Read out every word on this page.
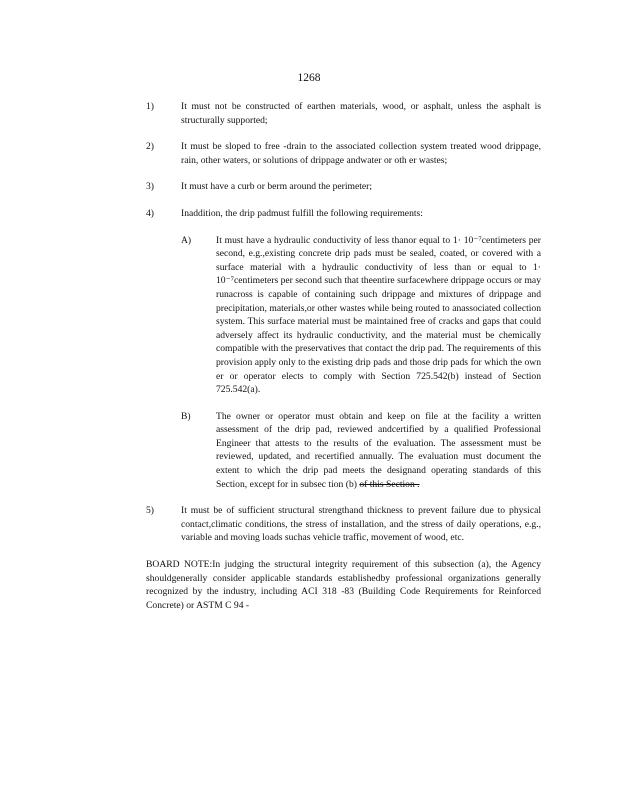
1268
1)	It must not be constructed of earthen materials, wood, or asphalt, unless the asphalt is structurally supported;
2)	It must be sloped to free -drain to the associated collection system treated wood drippage, rain, other waters, or solutions of drippage andwater or oth er wastes;
3)	It must have a curb or berm around the perimeter;
4)	Inaddition, the drip padmust fulfill the following requirements:
A)	It must have a hydraulic conductivity of less thanor equal to 1· 10⁻⁷centimeters per second, e.g.,existing concrete drip pads must be sealed, coated, or covered with a surface material with a hydraulic conductivity of less than or equal to 1· 10⁻⁷centimeters per second such that theentire surfacewhere drippage occurs or may runacross is capable of containing such drippage and mixtures of drippage and precipitation, materials,or other wastes while being routed to anassociated collection system. This surface material must be maintained free of cracks and gaps that could adversely affect its hydraulic conductivity, and the material must be chemically compatible with the preservatives that contact the drip pad. The requirements of this provision apply only to the existing drip pads and those drip pads for which the own er or operator elects to comply with Section 725.542(b) instead of Section 725.542(a).
B)	The owner or operator must obtain and keep on file at the facility a written assessment of the drip pad, reviewed andcertified by a qualified Professional Engineer that attests to the results of the evaluation. The assessment must be reviewed, updated, and recertified annually. The evaluation must document the extent to which the drip pad meets the designand operating standards of this Section, except for in subsec tion (b) of this Section .
5)	It must be of sufficient structural strengthand thickness to prevent failure due to physical contact,climatic conditions, the stress of installation, and the stress of daily operations, e.g., variable and moving loads suchas vehicle traffic, movement of wood, etc.
BOARD NOTE:In judging the structural integrity requirement of this subsection (a), the Agency shouldgenerally consider applicable standards establishedby professional organizations generally recognized by the industry, including ACI 318 -83 (Building Code Requirements for Reinforced Concrete) or ASTM C 94 -
